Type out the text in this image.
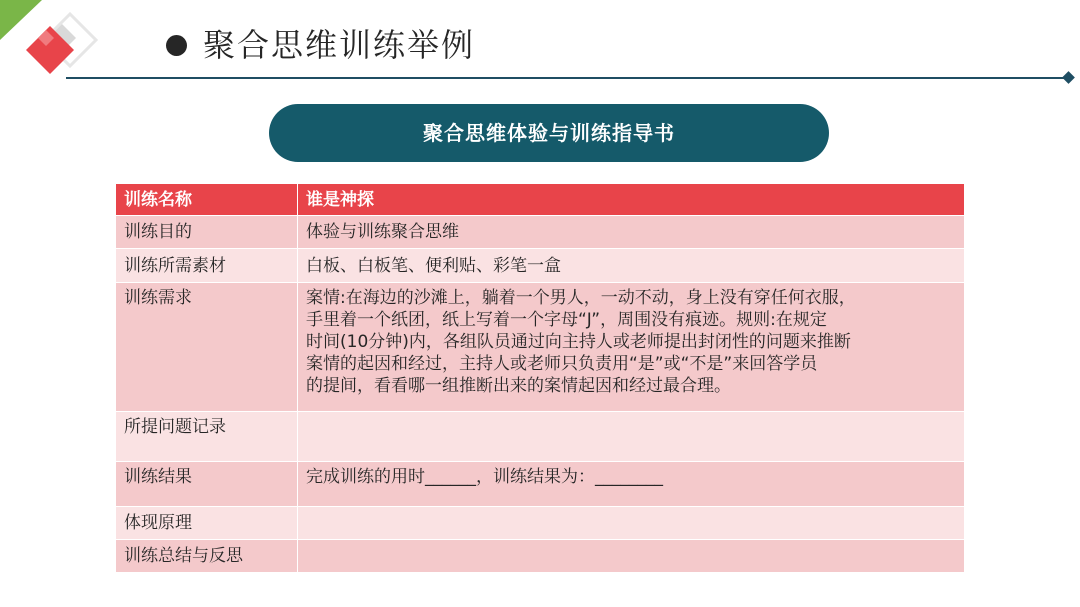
聚合思维训练举例
聚合思维体验与训练指导书
训练名称	谁是神探
训练目的	体验与训练聚合思维
训练所需素材	白板、白板笔、便利贴、彩笔一盒
训练需求	案情:在海边的沙滩上，躺着一个男人，一动不动，身上没有穿任何衣服，
手里着一个纸团，纸上写着一个字母“J”，周围没有痕迹。规则:在规定
时间(10分钟)内，各组队员通过向主持人或老师提出封闭性的问题来推断
案情的起因和经过，主持人或老师只负责用“是”或“不是”来回答学员
的提间，看看哪一组推断出来的案情起因和经过最合理。

所提问题记录	
训练结果	完成训练的用时______，训练结果为：________
体现原理	
训练总结与反思	
